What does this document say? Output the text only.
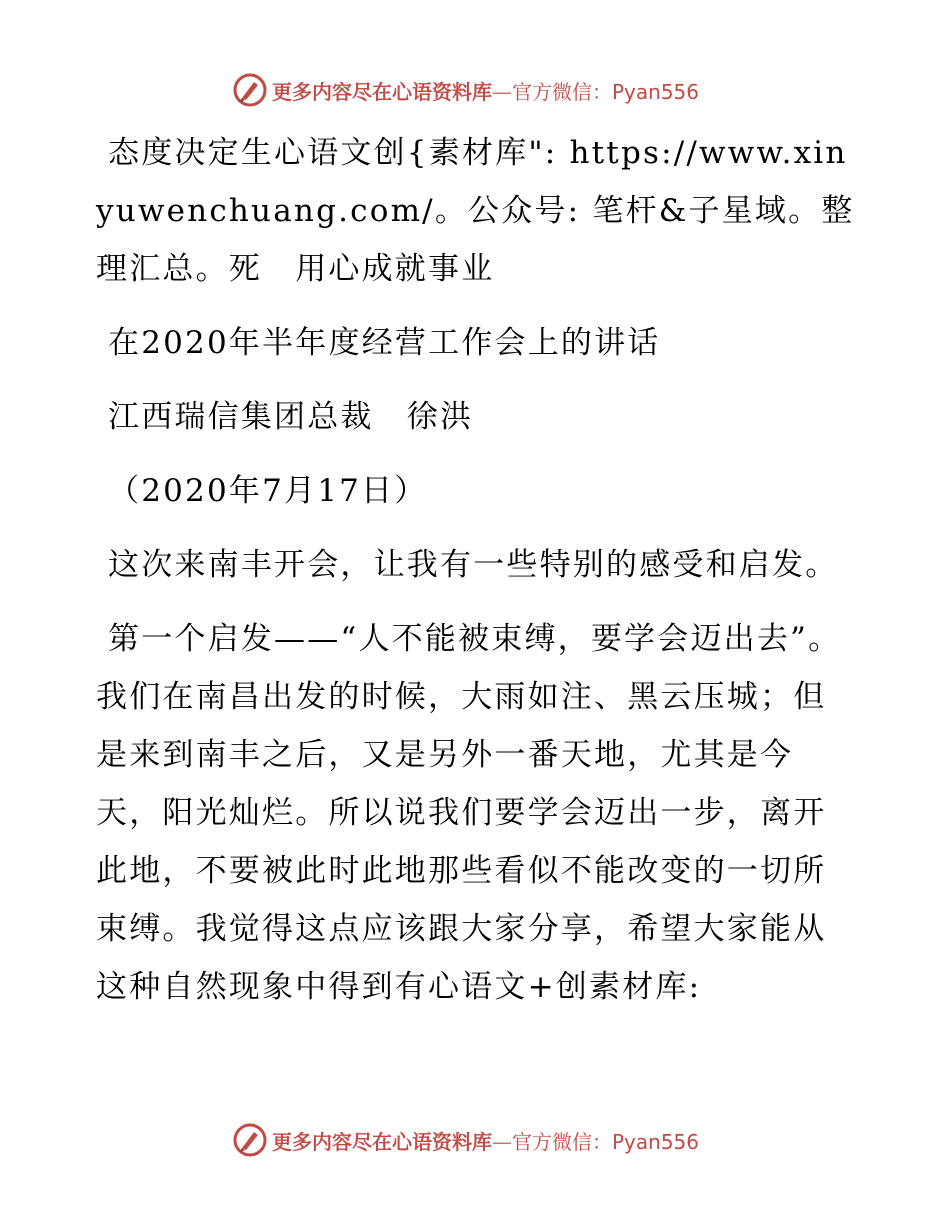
更多内容尽在心语资料库—官方微信：Pyan556

态度决定生心语文创{素材库": https://www.xinyuwenchuang.com/。公众号: 笔杆&子星域。整理汇总。死　用心成就事业

在2020年半年度经营工作会上的讲话

江西瑞信集团总裁　徐洪

（2020年7月17日）

这次来南丰开会，让我有一些特别的感受和启发。

第一个启发——“人不能被束缚，要学会迈出去”。我们在南昌出发的时候，大雨如注、黑云压城；但是来到南丰之后，又是另外一番天地，尤其是今天，阳光灿烂。所以说我们要学会迈出一步，离开此地，不要被此时此地那些看似不能改变的一切所束缚。我觉得这点应该跟大家分享，希望大家能从这种自然现象中得到有心语文+创素材库:

更多内容尽在心语资料库—官方微信：Pyan556
